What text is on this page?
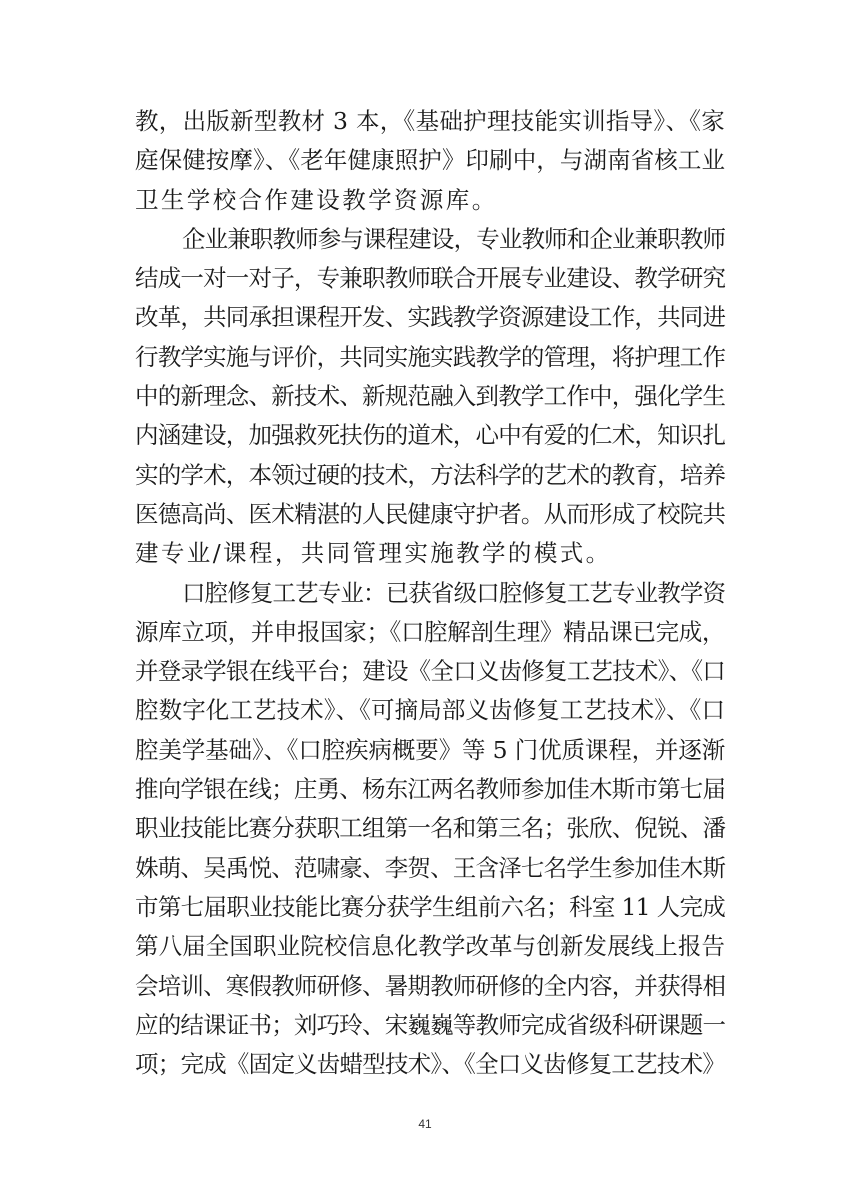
教，出版新型教材 3 本，《基础护理技能实训指导》、《家
庭保健按摩》、《老年健康照护》印刷中，与湖南省核工业
卫生学校合作建设教学资源库。
企业兼职教师参与课程建设，专业教师和企业兼职教师
结成一对一对子，专兼职教师联合开展专业建设、教学研究
改革，共同承担课程开发、实践教学资源建设工作，共同进
行教学实施与评价，共同实施实践教学的管理，将护理工作
中的新理念、新技术、新规范融入到教学工作中，强化学生
内涵建设，加强救死扶伤的道术，心中有爱的仁术，知识扎
实的学术，本领过硬的技术，方法科学的艺术的教育，培养
医德高尚、医术精湛的人民健康守护者。从而形成了校院共
建专业/课程，共同管理实施教学的模式。
口腔修复工艺专业：已获省级口腔修复工艺专业教学资
源库立项，并申报国家；《口腔解剖生理》精品课已完成，
并登录学银在线平台；建设《全口义齿修复工艺技术》、《口
腔数字化工艺技术》、《可摘局部义齿修复工艺技术》、《口
腔美学基础》、《口腔疾病概要》等 5 门优质课程，并逐渐
推向学银在线；庄勇、杨东江两名教师参加佳木斯市第七届
职业技能比赛分获职工组第一名和第三名；张欣、倪锐、潘
姝萌、吴禹悦、范啸豪、李贺、王含泽七名学生参加佳木斯
市第七届职业技能比赛分获学生组前六名；科室 11 人完成
第八届全国职业院校信息化教学改革与创新发展线上报告
会培训、寒假教师研修、暑期教师研修的全内容，并获得相
应的结课证书；刘巧玲、宋巍巍等教师完成省级科研课题一
项；完成《固定义齿蜡型技术》、《全口义齿修复工艺技术》
41
